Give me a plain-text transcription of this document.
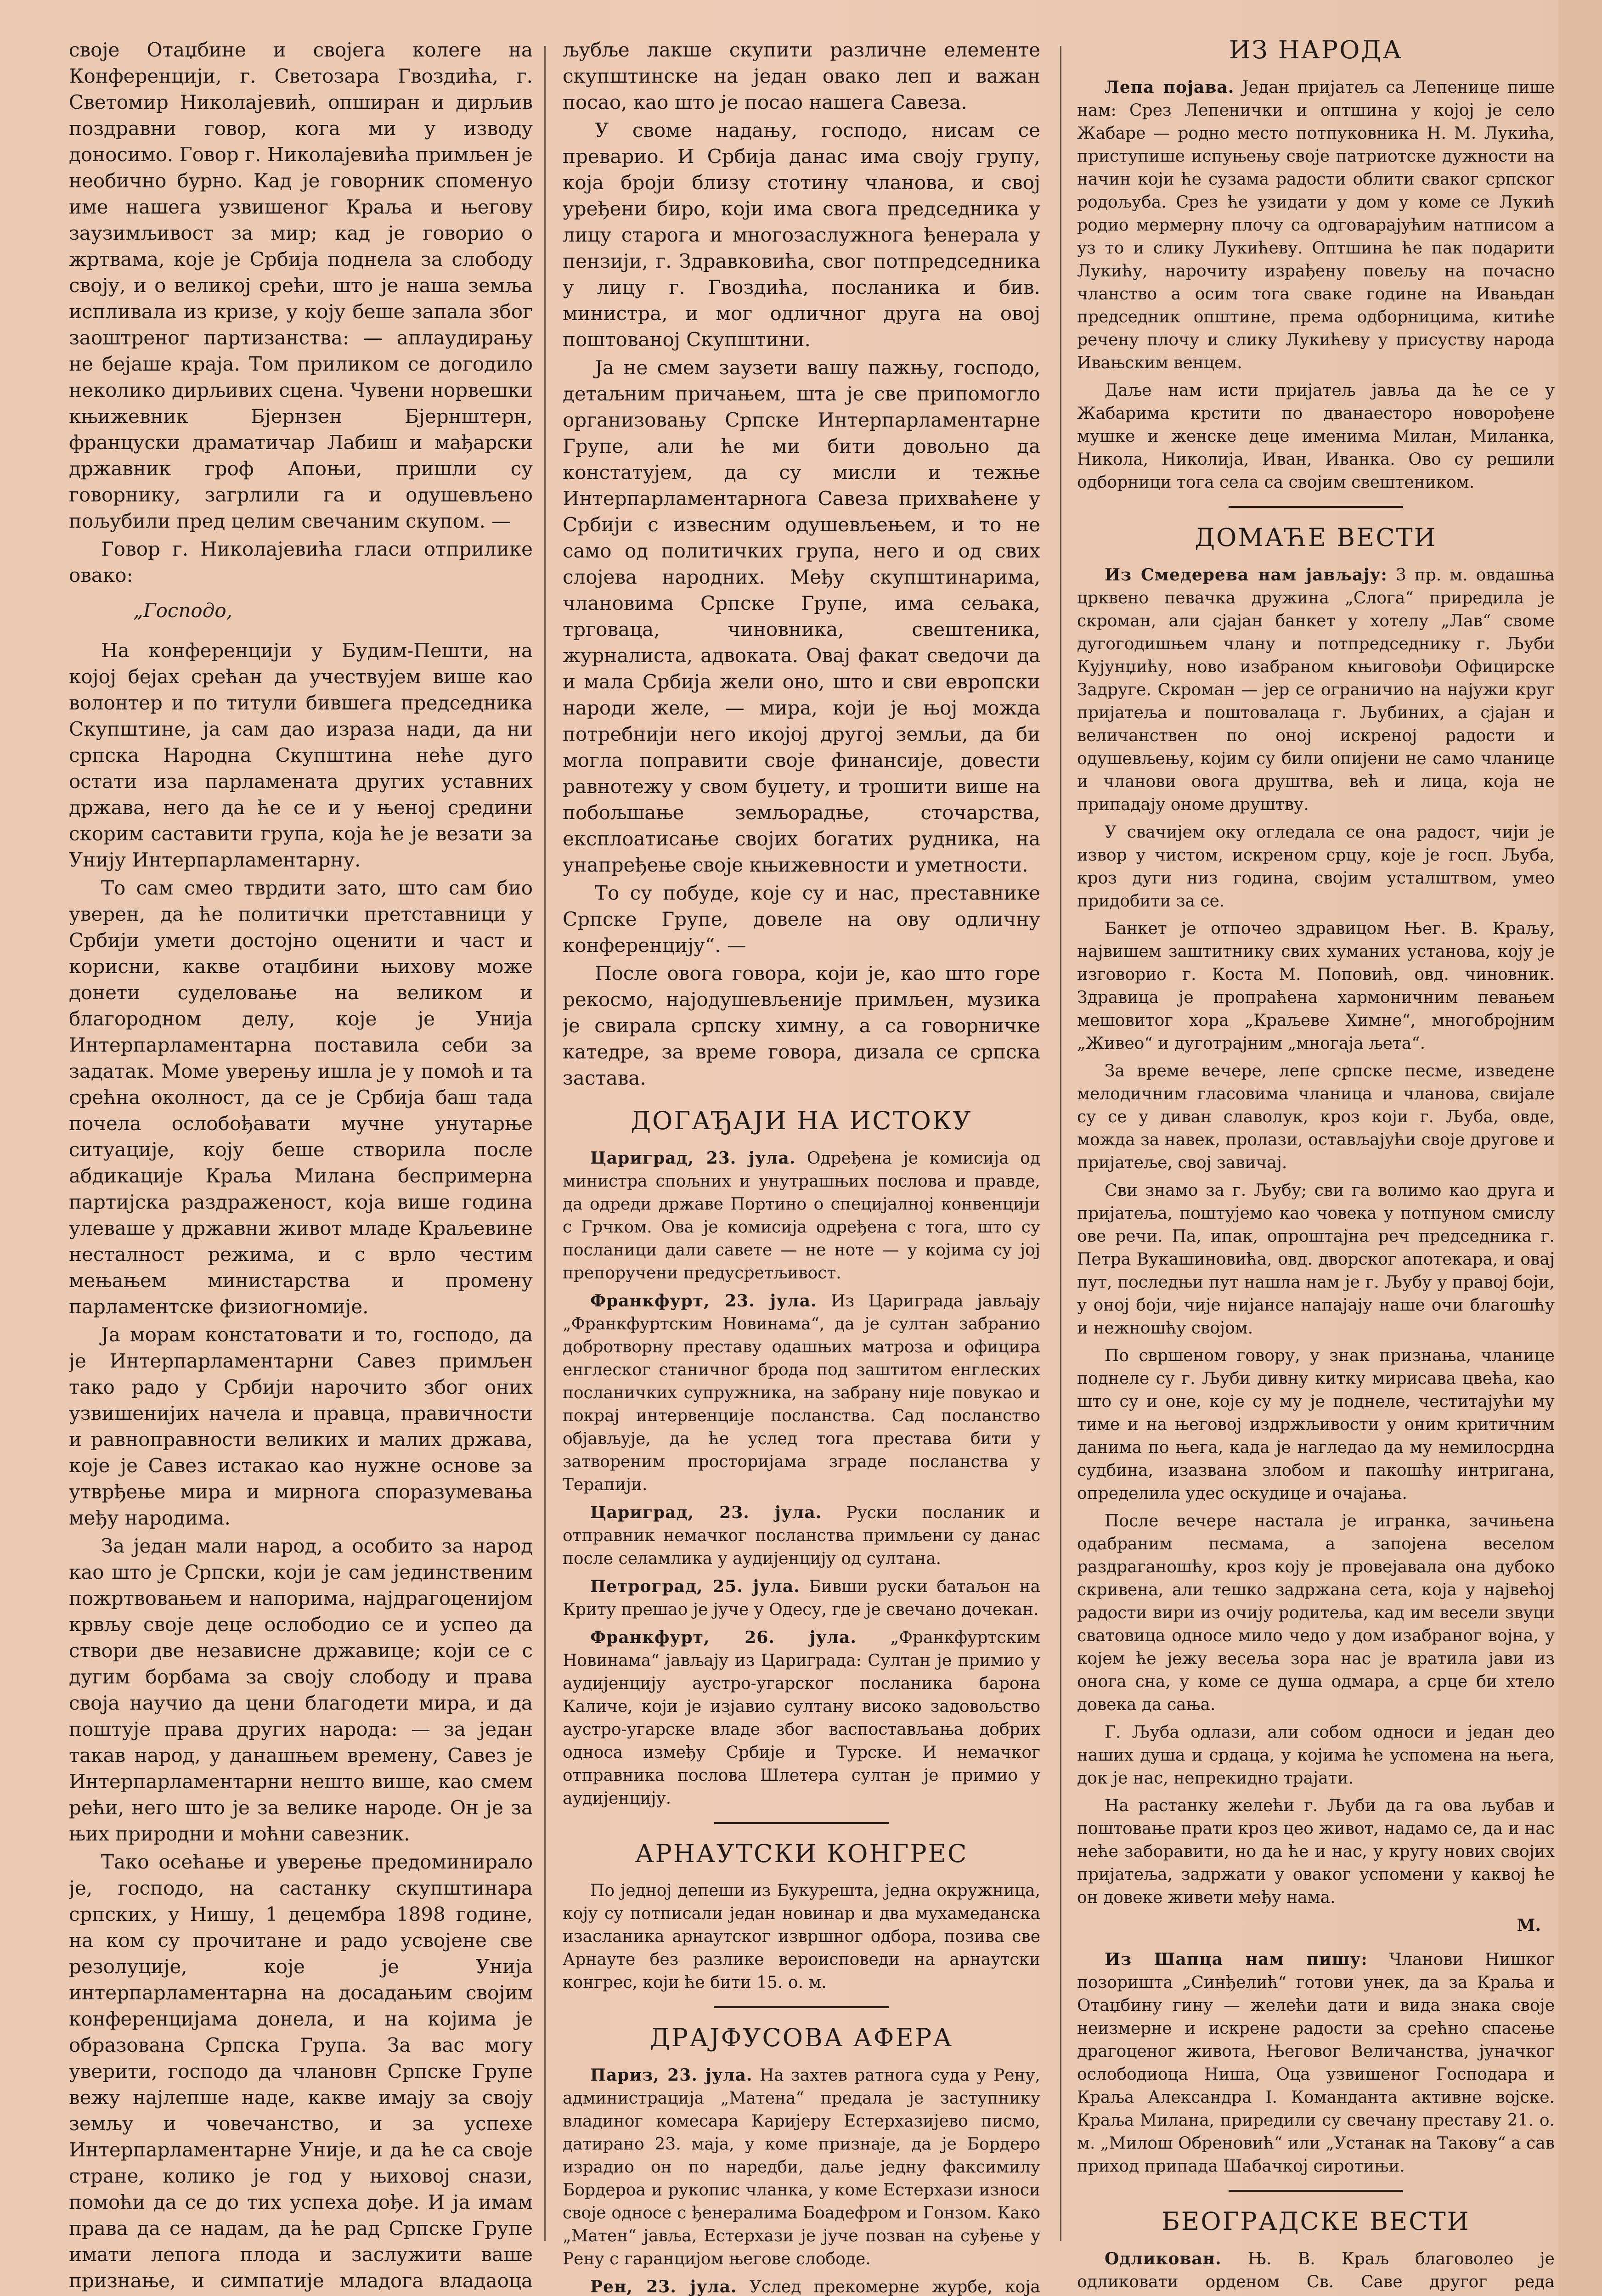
своје Отаџбине и својега колеге на Конференцији, г. Светозара Гвоздића, г. Светомир Николајевић, опширан и дирљив поздравни говор, кога ми у изводу доносимо. Говор г. Николајевића примљен је необично бурно. Кад је говорник споменуо име нашега узвишеног Краља и његову заузимљивост за мир; кад је говорио о жртвама, које је Србија поднела за слободу своју, и о великој срећи, што је наша земља испливала из кризе, у коју беше запала због заоштреног партизанства: — аплаудирању не бејаше краја. Том приликом се догодило неколико дирљивих сцена. Чувени норвешки књижевник Бјернзен Бјернштерн, француски драматичар Лабиш и мађарски државник гроф Апоњи, пришли су говорнику, загрлили га и одушевљено пољубили пред целим свечаним скупом. —

Говор г. Николајевића гласи отприлике овако:

„Господо,

На конференцији у Будим-Пешти, на којој бејах срећан да учествујем више као волонтер и по титули бившега председника Скупштине, ја сам дао израза нади, да ни српска Народна Скупштина неће дуго остати иза парламената других уставних држава, него да ће се и у њеној средини скорим саставити група, која ће је везати за Унију Интерпарламентарну.

То сам смео тврдити зато, што сам био уверен, да ће политички претставници у Србији умети достојно оценити и част и корисни, какве отаџбини њихову може донети суделовање на великом и благородном делу, које је Унија Интерпарламентарна поставила себи за задатак. Моме уверењу ишла је у помоћ и та срећна околност, да се је Србија баш тада почела ослобођавати мучне унутарње ситуације, коју беше створила после абдикације Краља Милана беспримерна партијска раздраженост, која више година улеваше у државни живот младе Краљевине несталност режима, и с врло честим мењањем министарства и промену парламентске физиогномије.

Ја морам констатовати и то, господо, да је Интерпарламентарни Савез примљен тако радо у Србији нарочито због оних узвишенијих начела и правца, правичности и равноправности великих и малих држава, које је Савез истакао као нужне основе за утврђење мира и мирнога споразумевања међу народима.

За један мали народ, а особито за народ као што је Српски, који је сам јединственим пожртвовањем и напорима, најдрагоценијом крвљу своје деце ослободио се и успео да створи две независне државице; који се с дугим борбама за своју слободу и права своја научио да цени благодети мира, и да поштује права других народа: — за један такав народ, у данашњем времену, Савез је Интерпарламентарни нешто више, као смем рећи, него што је за велике народе. Он је за њих природни и моћни савезник.

Тако осећање и уверење предоминирало је, господо, на састанку скупштинара српских, у Нишу, 1 децембра 1898 године, на ком су прочитане и радо усвојене све резолуције, које је Унија интерпарламентарна на досадањим својим конференцијама донела, и на којима је образована Српска Група. За вас могу уверити, господо да члановн Српске Групе вежу најлепше наде, какве имају за своју земљу и човечанство, и за успехе Интерпарламентарне Уније, и да ће са своје стране, колико је год у њиховој снази, помоћи да се до тих успеха дође. И ја имам права да се надам, да ће рад Српске Групе имати лепога плода и заслужити ваше признање, и симпатије младога владаоца

љубље лакше скупити различне елементе скупштинске на један овако леп и важан посао, као што је посао нашега Савеза.

У своме надању, господо, нисам се преварио. И Србија данас има своју групу, која броји близу стотину чланова, и свој уређени биро, који има свога председника у лицу старога и многозаслужнога ђенерала у пензији, г. Здравковића, свог потпредседника у лицу г. Гвоздића, посланика и бив. министра, и мог одличног друга на овој поштованој Скупштини.

Ја не смем заузети вашу пажњу, господо, детаљним причањем, шта је све припомогло организовању Српске Интерпарламентарне Групе, али ће ми бити довољно да констатујем, да су мисли и тежње Интерпарламентарнога Савеза прихваћене у Србији с извесним одушевљењем, и то не само од политичких група, него и од свих слојева народних. Међу скупштинарима, члановима Српске Групе, има сељака, трговаца, чиновника, свештеника, журналиста, адвоката. Овај факат сведочи да и мала Србија жели оно, што и сви европски народи желе, — мира, који је њој можда потребнији него икојој другој земљи, да би могла поправити своје финансије, довести равнотежу у свом буџету, и трошити више на побољшање земљорадње, сточарства, експлоатисање својих богатих рудника, на унапређење своје књижевности и уметности.

То су побуде, које су и нас, преставнике Српске Групе, довеле на ову одличну конференцију“. —

После овога говора, који је, као што горе рекосмо, најодушевљеније примљен, музика је свирала српску химну, а са говорничке катедре, за време говора, дизала се српска застава.

ДОГАЂАЈИ НА ИСТОКУ

Цариград, 23. јула. Одређена је комисија од министра спољних и унутрашњих послова и правде, да одреди државе Портино о специјалној конвенцији с Грчком. Ова је комисија одређена с тога, што су посланици дали савете — не ноте — у којима су јој препоручени предусретљивост.

Франкфурт, 23. јула. Из Цариграда јављају „Франкфуртским Новинама“, да је султан забранио добротворну преставу одашњих матроза и официра енглеског станичног брода под заштитом енглеских посланичких супружника, на забрану није повукао и покрај интервенције посланства. Сад посланство објављује, да ће услед тога престава бити у затвореним просторијама зграде посланства у Терапији.

Цариград, 23. јула. Руски посланик и отправник немачког посланства примљени су данас после селамлика у аудијенцију од султана.

Петроград, 25. јула. Бивши руски батаљон на Криту прешао је јуче у Одесу, где је свечано дочекан.

Франкфурт, 26. јула. „Франкфуртским Новинама“ јављају из Цариграда: Султан је примио у аудијенцију аустро-угарског посланика барона Каличе, који је изјавио султану високо задовољство аустро-угарске владе због васпостављања добрих односа између Србије и Турске. И немачког отправника послова Шлетера султан је примио у аудијенцију.

АРНАУТСКИ КОНГРЕС

По једној депеши из Букурешта, једна окружница, коју су потписали један новинар и два мухамеданска изасланика арнаутског извршног одбора, позива све Арнауте без разлике вероисповеди на арнаутски конгрес, који ће бити 15. о. м.

ДРАЈФУСОВА АФЕРА

Париз, 23. јула. На захтев ратнога суда у Рену, администрација „Матена“ предала је заступнику владиног комесара Каријеру Естерхазијево писмо, датирано 23. маја, у коме признаје, да је Бордеро израдио он по наредби, даље једну факсимилу Бордероа и рукопис чланка, у коме Естерхази износи своје односе с ђенералима Боадефром и Гонзом. Како „Матен“ јавља, Естерхази је јуче позван на суђење у Рену с гаранцијом његове слободе.

Рен, 23. јула. Услед прекомерне журбе, која

ИЗ НАРОДА

Лепа појава. Један пријатељ са Лепенице пише нам: Срез Лепенички и оптшина у којој је село Жабаре — родно место потпуковника Н. М. Лукића, приступише испуњењу своје патриотске дужности на начин који ће сузама радости облити сваког српског родољуба. Срез ће узидати у дом у коме се Лукић родио мермерну плочу са одговарајућим натписом а уз то и слику Лукићеву. Оптшина ће пак подарити Лукићу, нарочиту израђену повељу на почасно чланство а осим тога сваке године на Ивањдан председник општине, према одборницима, китиће речену плочу и слику Лукићеву у присуству народа Ивањским венцем.

Даље нам исти пријатељ јавља да ће се у Жабарима крстити по дванаесторо новорођене мушке и женске деце именима Милан, Миланка, Никола, Николија, Иван, Иванка. Ово су решили одборници тога села са својим свештеником.

ДОМАЋЕ ВЕСТИ

Из Смедерева нам јављају: 3 пр. м. овдашња црквено певачка дружина „Слога“ приредила је скроман, али сјајан банкет у хотелу „Лав“ своме дугогодишњем члану и потпредседнику г. Љуби Кујунџићу, ново изабраном књиговођи Официрске Задруге. Скроман — јер се ограничио на најужи круг пријатеља и поштовалаца г. Љубиних, а сјајан и величанствен по оној искреној радости и одушевљењу, којим су били опијени не само чланице и чланови овога друштва, већ и лица, која не припадају ономе друштву.

У свачијем оку огледала се она радост, чији је извор у чистом, искреном срцу, које је госп. Љуба, кроз дуги низ година, својим усталштвом, умео придобити за се.

Банкет је отпочео здравицом Њег. В. Краљу, највишем заштитнику свих хуманих установа, коју је изговорио г. Коста М. Поповић, овд. чиновник. Здравица је пропраћена хармоничним певањем мешовитог хора „Краљеве Химне“, многобројним „Живео“ и дуготрајним „многаја љета“.

За време вечере, лепе српске песме, изведене мелодичним гласовима чланица и чланова, свијале су се у диван славолук, кроз који г. Љуба, овде, можда за навек, пролази, остављајући своје другове и пријатеље, свој завичај.

Сви знамо за г. Љубу; сви га волимо као друга и пријатеља, поштујемо као човека у потпуном смислу ове речи. Па, ипак, опроштајна реч председника г. Петра Вукашиновића, овд. дворског апотекара, и овај пут, последњи пут нашла нам је г. Љубу у правој боји, у оној боји, чије нијансе напајају наше очи благошћу и нежношћу својом.

По свршеном говору, у знак признања, чланице поднеле су г. Љуби дивну китку мирисава цвећа, као што су и оне, које су му је поднеле, честитајући му тиме и на његовој издржљивости у оним критичним данима по њега, када је нагледао да му немилосрдна судбина, изазвана злобом и пакошћу интригана, определила удес оскудице и очајања.

После вечере настала је игранка, зачињена одабраним песмама, а запојена веселом раздраганошћу, кроз коју је провејавала она дубоко скривена, али тешко задржана сета, која у највећој радости вири из очију родитеља, кад им весели звуци сватовица односе мило чедо у дом изабраног војна, у којем ће јежу весеља зора нас је вратила јави из онога сна, у коме се душа одмара, а срце би хтело довека да сања.

Г. Љуба одлази, али собом односи и један део наших душа и срдаца, у којима ће успомена на њега, док је нас, непрекидно трајати.

На растанку желећи г. Љуби да га ова љубав и поштовање прати кроз цео живот, надамо се, да и нас неће заборавити, но да ће и нас, у кругу нових својих пријатеља, задржати у оваког успомени у каквој ће он довеке живети међу нама.

М.

Из Шапца нам пишу: Чланови Нишког позоришта „Синђелић“ готови унек, да за Краља и Отаџбину гину — желећи дати и вида знака своје неизмерне и искрене радости за срећно спасење драгоценог живота, Његовог Величанства, јуначког ослободиоца Ниша, Оца узвишеног Господара и Краља Александра I. Команданта активне војске. Краља Милана, приредили су свечану преставу 21. о. м. „Милош Обреновић“ или „Устанак на Такову“ а сав приход припада Шабачкој сиротињи.

БЕОГРАДСКЕ ВЕСТИ

Одликован. Њ. В. Краљ благоволео је одликовати орденом Св. Саве другог реда
